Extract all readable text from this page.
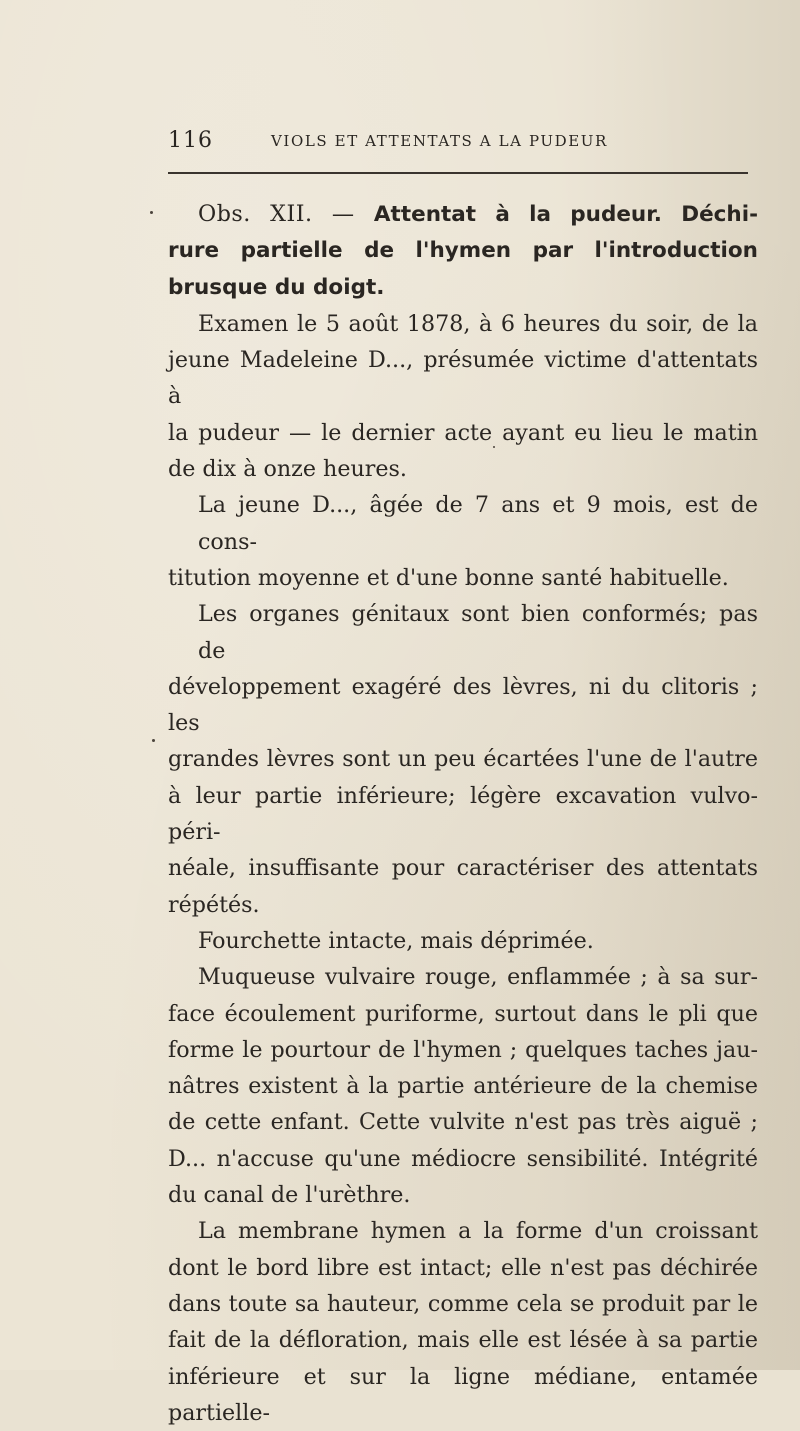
116	VIOLS ET ATTENTATS A LA PUDEUR
Obs. XII. — Attentat à la pudeur. Déchi-
rure partielle de l'hymen par l'introduction
brusque du doigt.
Examen le 5 août 1878, à 6 heures du soir, de la
jeune Madeleine D..., présumée victime d'attentats à
la pudeur — le dernier acte ayant eu lieu le matin
de dix à onze heures.
La jeune D..., âgée de 7 ans et 9 mois, est de cons-
titution moyenne et d'une bonne santé habituelle.
Les organes génitaux sont bien conformés; pas de
développement exagéré des lèvres, ni du clitoris ; les
grandes lèvres sont un peu écartées l'une de l'autre
à leur partie inférieure; légère excavation vulvo-péri-
néale, insuffisante pour caractériser des attentats
répétés.
Fourchette intacte, mais déprimée.
Muqueuse vulvaire rouge, enflammée ; à sa sur-
face écoulement puriforme, surtout dans le pli que
forme le pourtour de l'hymen ; quelques taches jau-
nâtres existent à la partie antérieure de la chemise
de cette enfant. Cette vulvite n'est pas très aiguë ;
D... n'accuse qu'une médiocre sensibilité. Intégrité
du canal de l'urèthre.
La membrane hymen a la forme d'un croissant
dont le bord libre est intact; elle n'est pas déchirée
dans toute sa hauteur, comme cela se produit par le
fait de la défloration, mais elle est lésée à sa partie
inférieure et sur la ligne médiane, entamée partielle-
